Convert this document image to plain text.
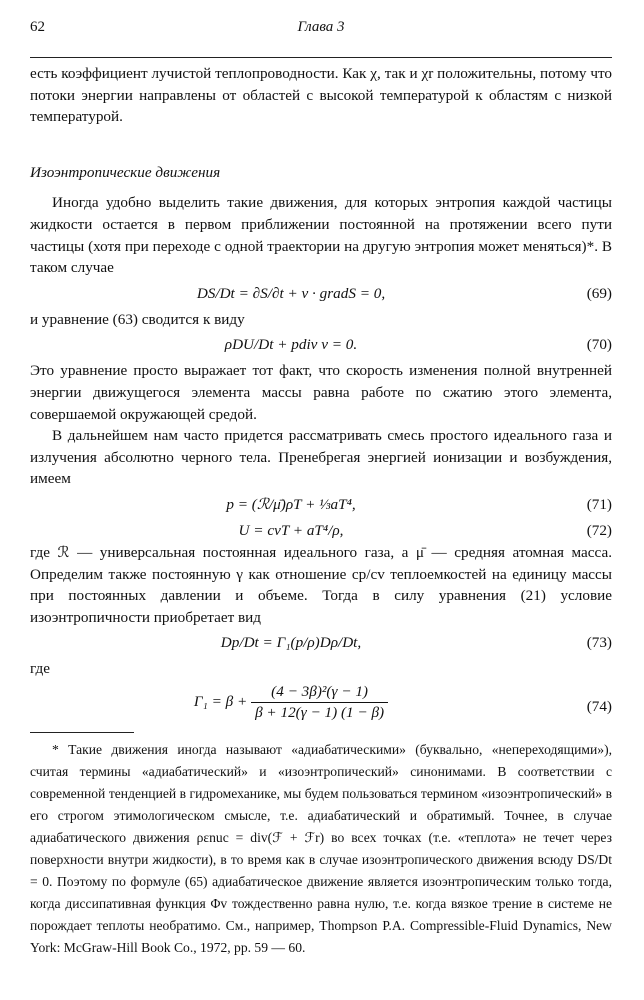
62	Глава 3

есть коэффициент лучистой теплопроводности. Как χ, так и χr положительны, потому что потоки энергии направлены от областей с высокой температурой к областям с низкой температурой.

Изоэнтропические движения

Иногда удобно выделить такие движения, для которых энтропия каждой частицы жидкости остается в первом приближении постоянной на протяжении всего пути частицы (хотя при переходе с одной траектории на другую энтропия может меняться)*. В таком случае

DS/Dt = ∂S/∂t + v · gradS = 0,	(69)

и уравнение (63) сводится к виду

ρDU/Dt + pdiv v = 0.	(70)

Это уравнение просто выражает тот факт, что скорость изменения полной внутренней энергии движущегося элемента массы равна работе по сжатию этого элемента, совершаемой окружающей средой.

В дальнейшем нам часто придется рассматривать смесь простого идеального газа и излучения абсолютно черного тела. Пренебрегая энергией ионизации и возбуждения, имеем

p = (ℛ/μ̄)ρT + ⅓aT⁴,	(71)
U = cvT + aT⁴/ρ,	(72)

где ℛ — универсальная постоянная идеального газа, а μ̄ — средняя атомная масса. Определим также постоянную γ как отношение cp/cv теплоемкостей на единицу массы при постоянных давлении и объеме. Тогда в силу уравнения (21) условие изоэнтропичности приобретает вид

Dp/Dt = Γ₁(p/ρ)Dρ/Dt,	(73)

где

$\Gamma_1 = \beta + \frac{\text{(4 − 3β)²(γ − 1)}}{\beta + 12(\gamma - 1) (1 - \beta)}$	(74)

* Такие движения иногда называют «адиабатическими» (буквально, «непереходящими»), считая термины «адиабатический» и «изоэнтропический» синонимами. В соответствии с современной тенденцией в гидромеханике, мы будем пользоваться термином «изоэнтропический» в его строгом этимологическом смысле, т.е. адиабатический и обратимый. Точнее, в случае адиабатического движения ρεnuc = div(ℱ + ℱr) во всех точках (т.е. «теплота» не течет через поверхности внутри жидкости), в то время как в случае изоэнтропического движения всюду DS/Dt = 0. Поэтому по формуле (65) адиабатическое движение является изоэнтропическим только тогда, когда диссипативная функция Φv тождественно равна нулю, т.е. когда вязкое трение в системе не порождает теплоты необратимо. См., например, Thompson P.A. Compressible-Fluid Dynamics, New York: McGraw-Hill Book Co., 1972, pp. 59 — 60.
